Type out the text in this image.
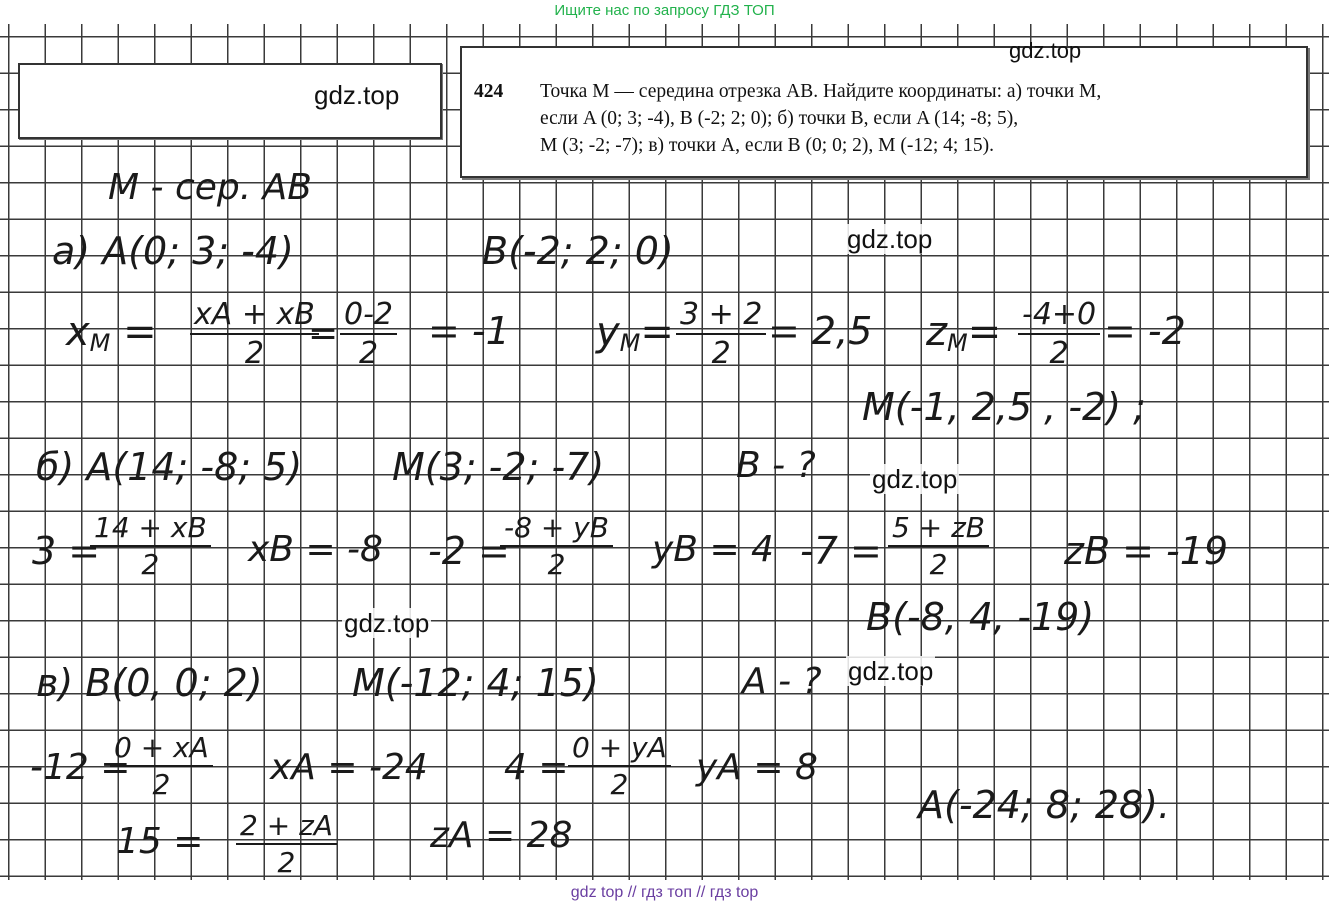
Ищите нас по запросу ГДЗ ТОП
gdz.top	424 Точка M — середина отрезка AB. Найдите координаты: а) точки M,
если A (0; 3; -4), B (-2; 2; 0); б) точки B, если A (14; -8; 5),
M (3; -2; -7); в) точки A, если B (0; 0; 2), M (-12; 4; 15).
gdz.top
M - сер. AB
а) A(0; 3; -4)	B(-2; 2; 0)	gdz.top
$x_M = \frac{xA + xB}{2}$
= $\frac{0-2}{2} = -1$ $y_M= \frac{3 + 2}{2} = 2,5$ $z_M= \frac{-4+0}{2} = -2$
M(-1, 2,5 , -2) ;
б) A(14; -8; 5) M(3; -2; -7)	B - ? gdz.top
3 =
$\frac{14 + xB}{2}$ xB = -8 -2 =
$\frac{-8 + yB}{2}$ yB = 4 $-7 = \frac{5 + zB}{2}$ zB = -19
B(-8, 4, -19)
gdz.top
в) B(0, 0; 2) M(-12; 4; 15)	A - ? gdz.top
-12 =
$\frac{0 + xA}{2}$ xA = -24 $4 = \frac{0 + yA}{2}$ yA = 8
A(-24; 8; 28).
$15 = \frac{2 + zA}{2}$	zA = 28
gdz top // гдз топ // гдз top
